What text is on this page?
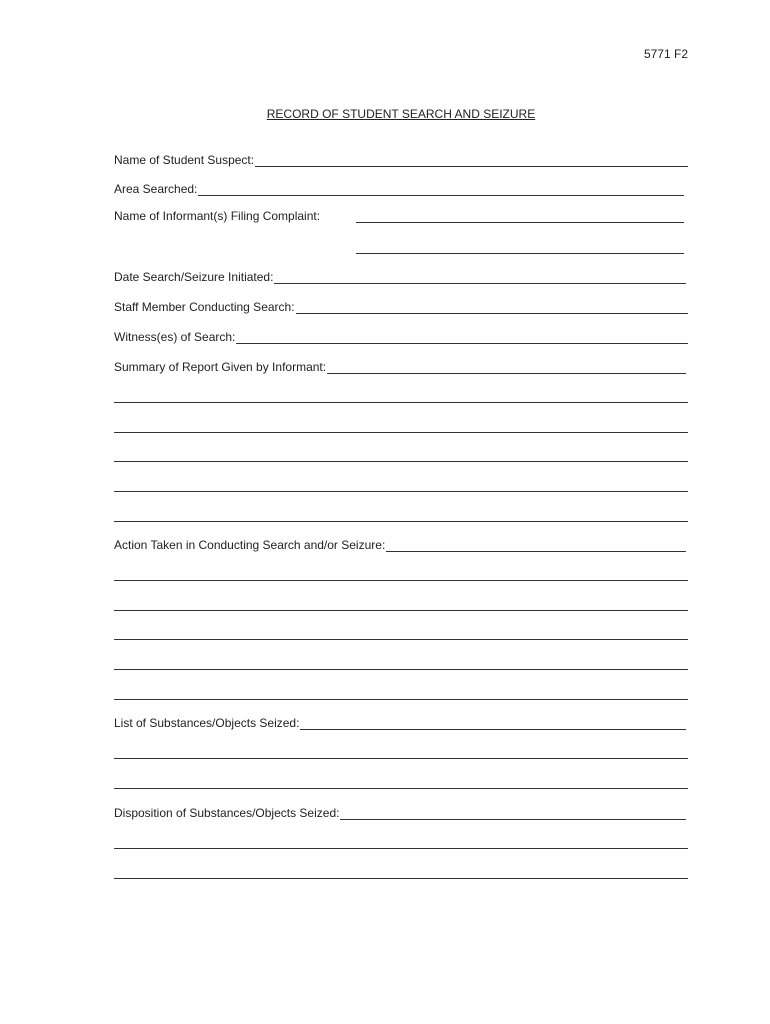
5771 F2
RECORD OF STUDENT SEARCH AND SEIZURE
Name of Student Suspect:
Area Searched:
Name of Informant(s) Filing Complaint:
Date Search/Seizure Initiated:
Staff Member Conducting Search:
Witness(es) of Search:
Summary of Report Given by Informant:
Action Taken in Conducting Search and/or Seizure:
List of Substances/Objects Seized:
Disposition of Substances/Objects Seized:
